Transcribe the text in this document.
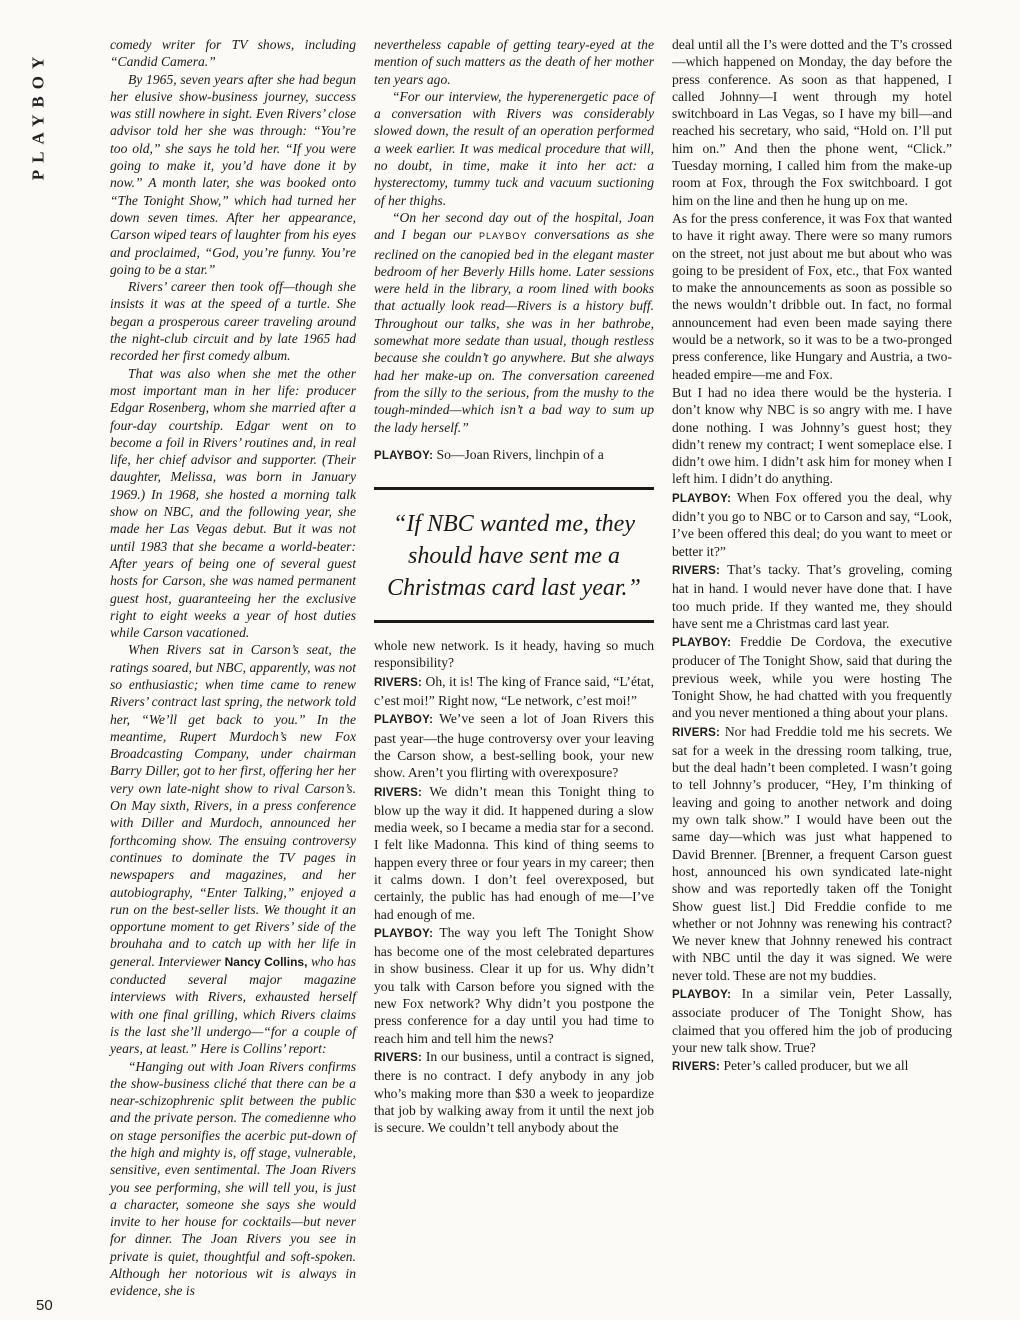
PLAYBOY

comedy writer for TV shows, including “Candid Camera.”

By 1965, seven years after she had begun her elusive show-business journey, success was still nowhere in sight. Even Rivers’ close advisor told her she was through: “You’re too old,” she says he told her. “If you were going to make it, you’d have done it by now.” A month later, she was booked onto “The Tonight Show,” which had turned her down seven times. After her appearance, Carson wiped tears of laughter from his eyes and proclaimed, “God, you’re funny. You’re going to be a star.”

Rivers’ career then took off—though she insists it was at the speed of a turtle. She began a prosperous career traveling around the night-club circuit and by late 1965 had recorded her first comedy album.

That was also when she met the other most important man in her life: producer Edgar Rosenberg, whom she married after a four-day courtship. Edgar went on to become a foil in Rivers’ routines and, in real life, her chief advisor and supporter. (Their daughter, Melissa, was born in January 1969.) In 1968, she hosted a morning talk show on NBC, and the following year, she made her Las Vegas debut. But it was not until 1983 that she became a world-beater: After years of being one of several guest hosts for Carson, she was named permanent guest host, guaranteeing her the exclusive right to eight weeks a year of host duties while Carson vacationed.

When Rivers sat in Carson’s seat, the ratings soared, but NBC, apparently, was not so enthusiastic; when time came to renew Rivers’ contract last spring, the network told her, “We’ll get back to you.” In the meantime, Rupert Murdoch’s new Fox Broadcasting Company, under chairman Barry Diller, got to her first, offering her her very own late-night show to rival Carson’s. On May sixth, Rivers, in a press conference with Diller and Murdoch, announced her forthcoming show. The ensuing controversy continues to dominate the TV pages in newspapers and magazines, and her autobiography, “Enter Talking,” enjoyed a run on the best-seller lists. We thought it an opportune moment to get Rivers’ side of the brouhaha and to catch up with her life in general. Interviewer Nancy Collins, who has conducted several major magazine interviews with Rivers, exhausted herself with one final grilling, which Rivers claims is the last she’ll undergo—“for a couple of years, at least.” Here is Collins’ report:

“Hanging out with Joan Rivers confirms the show-business cliché that there can be a near-schizophrenic split between the public and the private person. The comedienne who on stage personifies the acerbic put-down of the high and mighty is, off stage, vulnerable, sensitive, even sentimental. The Joan Rivers you see performing, she will tell you, is just a character, someone she says she would invite to her house for cocktails—but never for dinner. The Joan Rivers you see in private is quiet, thoughtful and soft-spoken. Although her notorious wit is always in evidence, she is

nevertheless capable of getting teary-eyed at the mention of such matters as the death of her mother ten years ago.

“For our interview, the hyperenergetic pace of a conversation with Rivers was considerably slowed down, the result of an operation performed a week earlier. It was medical procedure that will, no doubt, in time, make it into her act: a hysterectomy, tummy tuck and vacuum suctioning of her thighs.

“On her second day out of the hospital, Joan and I began our PLAYBOY conversations as she reclined on the canopied bed in the elegant master bedroom of her Beverly Hills home. Later sessions were held in the library, a room lined with books that actually look read—Rivers is a history buff. Throughout our talks, she was in her bathrobe, somewhat more sedate than usual, though restless because she couldn’t go anywhere. But she always had her make-up on. The conversation careened from the silly to the serious, from the mushy to the tough-minded—which isn’t a bad way to sum up the lady herself.”

PLAYBOY: So—Joan Rivers, linchpin of a

“If NBC wanted me, they should have sent me a Christmas card last year.”

whole new network. Is it heady, having so much responsibility?

RIVERS: Oh, it is! The king of France said, “L’état, c’est moi!” Right now, “Le network, c’est moi!”

PLAYBOY: We’ve seen a lot of Joan Rivers this past year—the huge controversy over your leaving the Carson show, a best-selling book, your new show. Aren’t you flirting with overexposure?

RIVERS: We didn’t mean this Tonight thing to blow up the way it did. It happened during a slow media week, so I became a media star for a second. I felt like Madonna. This kind of thing seems to happen every three or four years in my career; then it calms down. I don’t feel overexposed, but certainly, the public has had enough of me—I’ve had enough of me.

PLAYBOY: The way you left The Tonight Show has become one of the most celebrated departures in show business. Clear it up for us. Why didn’t you talk with Carson before you signed with the new Fox network? Why didn’t you postpone the press conference for a day until you had time to reach him and tell him the news?

RIVERS: In our business, until a contract is signed, there is no contract. I defy anybody in any job who’s making more than $30 a week to jeopardize that job by walking away from it until the next job is secure. We couldn’t tell anybody about the

deal until all the I’s were dotted and the T’s crossed—which happened on Monday, the day before the press conference. As soon as that happened, I called Johnny—I went through my hotel switchboard in Las Vegas, so I have my bill—and reached his secretary, who said, “Hold on. I’ll put him on.” And then the phone went, “Click.” Tuesday morning, I called him from the make-up room at Fox, through the Fox switchboard. I got him on the line and then he hung up on me.

As for the press conference, it was Fox that wanted to have it right away. There were so many rumors on the street, not just about me but about who was going to be president of Fox, etc., that Fox wanted to make the announcements as soon as possible so the news wouldn’t dribble out. In fact, no formal announcement had even been made saying there would be a network, so it was to be a two-pronged press conference, like Hungary and Austria, a two-headed empire—me and Fox.

But I had no idea there would be the hysteria. I don’t know why NBC is so angry with me. I have done nothing. I was Johnny’s guest host; they didn’t renew my contract; I went someplace else. I didn’t owe him. I didn’t ask him for money when I left him. I didn’t do anything.

PLAYBOY: When Fox offered you the deal, why didn’t you go to NBC or to Carson and say, “Look, I’ve been offered this deal; do you want to meet or better it?”

RIVERS: That’s tacky. That’s groveling, coming hat in hand. I would never have done that. I have too much pride. If they wanted me, they should have sent me a Christmas card last year.

PLAYBOY: Freddie De Cordova, the executive producer of The Tonight Show, said that during the previous week, while you were hosting The Tonight Show, he had chatted with you frequently and you never mentioned a thing about your plans.

RIVERS: Nor had Freddie told me his secrets. We sat for a week in the dressing room talking, true, but the deal hadn’t been completed. I wasn’t going to tell Johnny’s producer, “Hey, I’m thinking of leaving and going to another network and doing my own talk show.” I would have been out the same day—which was just what happened to David Brenner. [Brenner, a frequent Carson guest host, announced his own syndicated late-night show and was reportedly taken off the Tonight Show guest list.] Did Freddie confide to me whether or not Johnny was renewing his contract? We never knew that Johnny renewed his contract with NBC until the day it was signed. We were never told. These are not my buddies.

PLAYBOY: In a similar vein, Peter Lassally, associate producer of The Tonight Show, has claimed that you offered him the job of producing your new talk show. True?

RIVERS: Peter’s called producer, but we all

50
